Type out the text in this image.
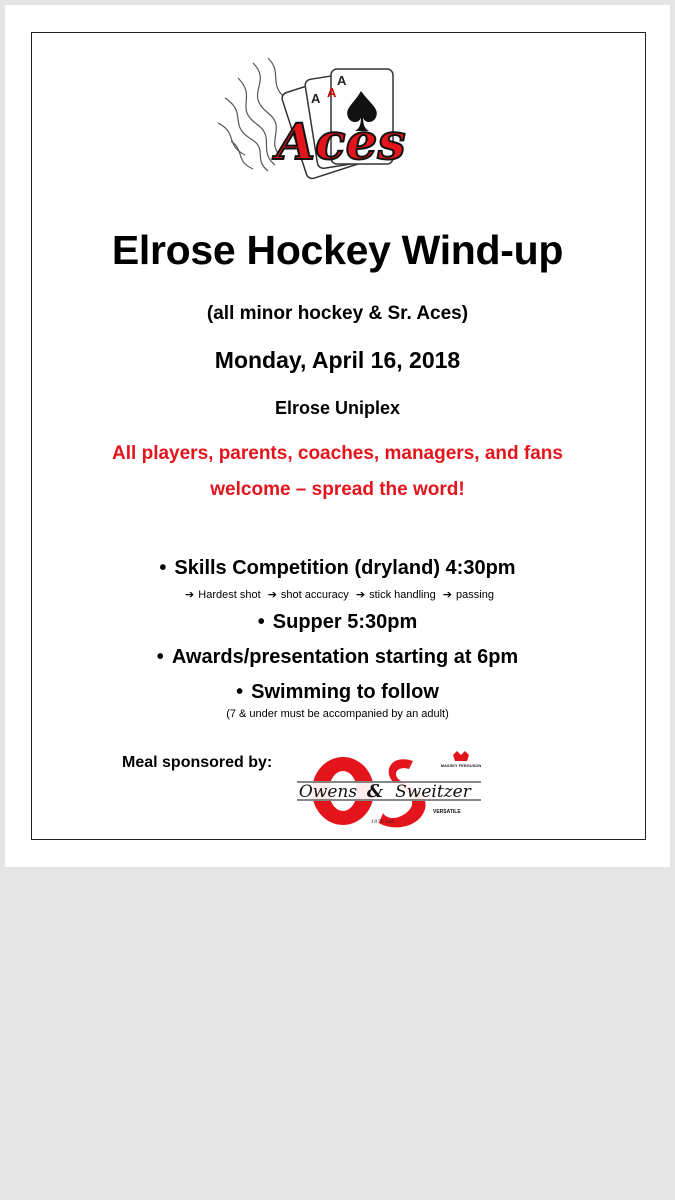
A A
A
Aces
Elrose Hockey Wind-up
(all minor hockey & Sr. Aces)
Monday, April 16, 2018
Elrose Uniplex
All players, parents, coaches, managers, and fans
welcome – spread the word!
• Skills Competition (dryland) 4:30pm
➔ Hardest shot ➔ shot accuracy ➔ stick handling ➔ passing
• Supper 5:30pm
• Awards/presentation starting at 6pm
• Swimming to follow
(7 & under must be accompanied by an adult)
Meal sponsored by:	MASSEY FERGUSON
Owens & Sweitzer
1972 Ltd.
VERSATILE
